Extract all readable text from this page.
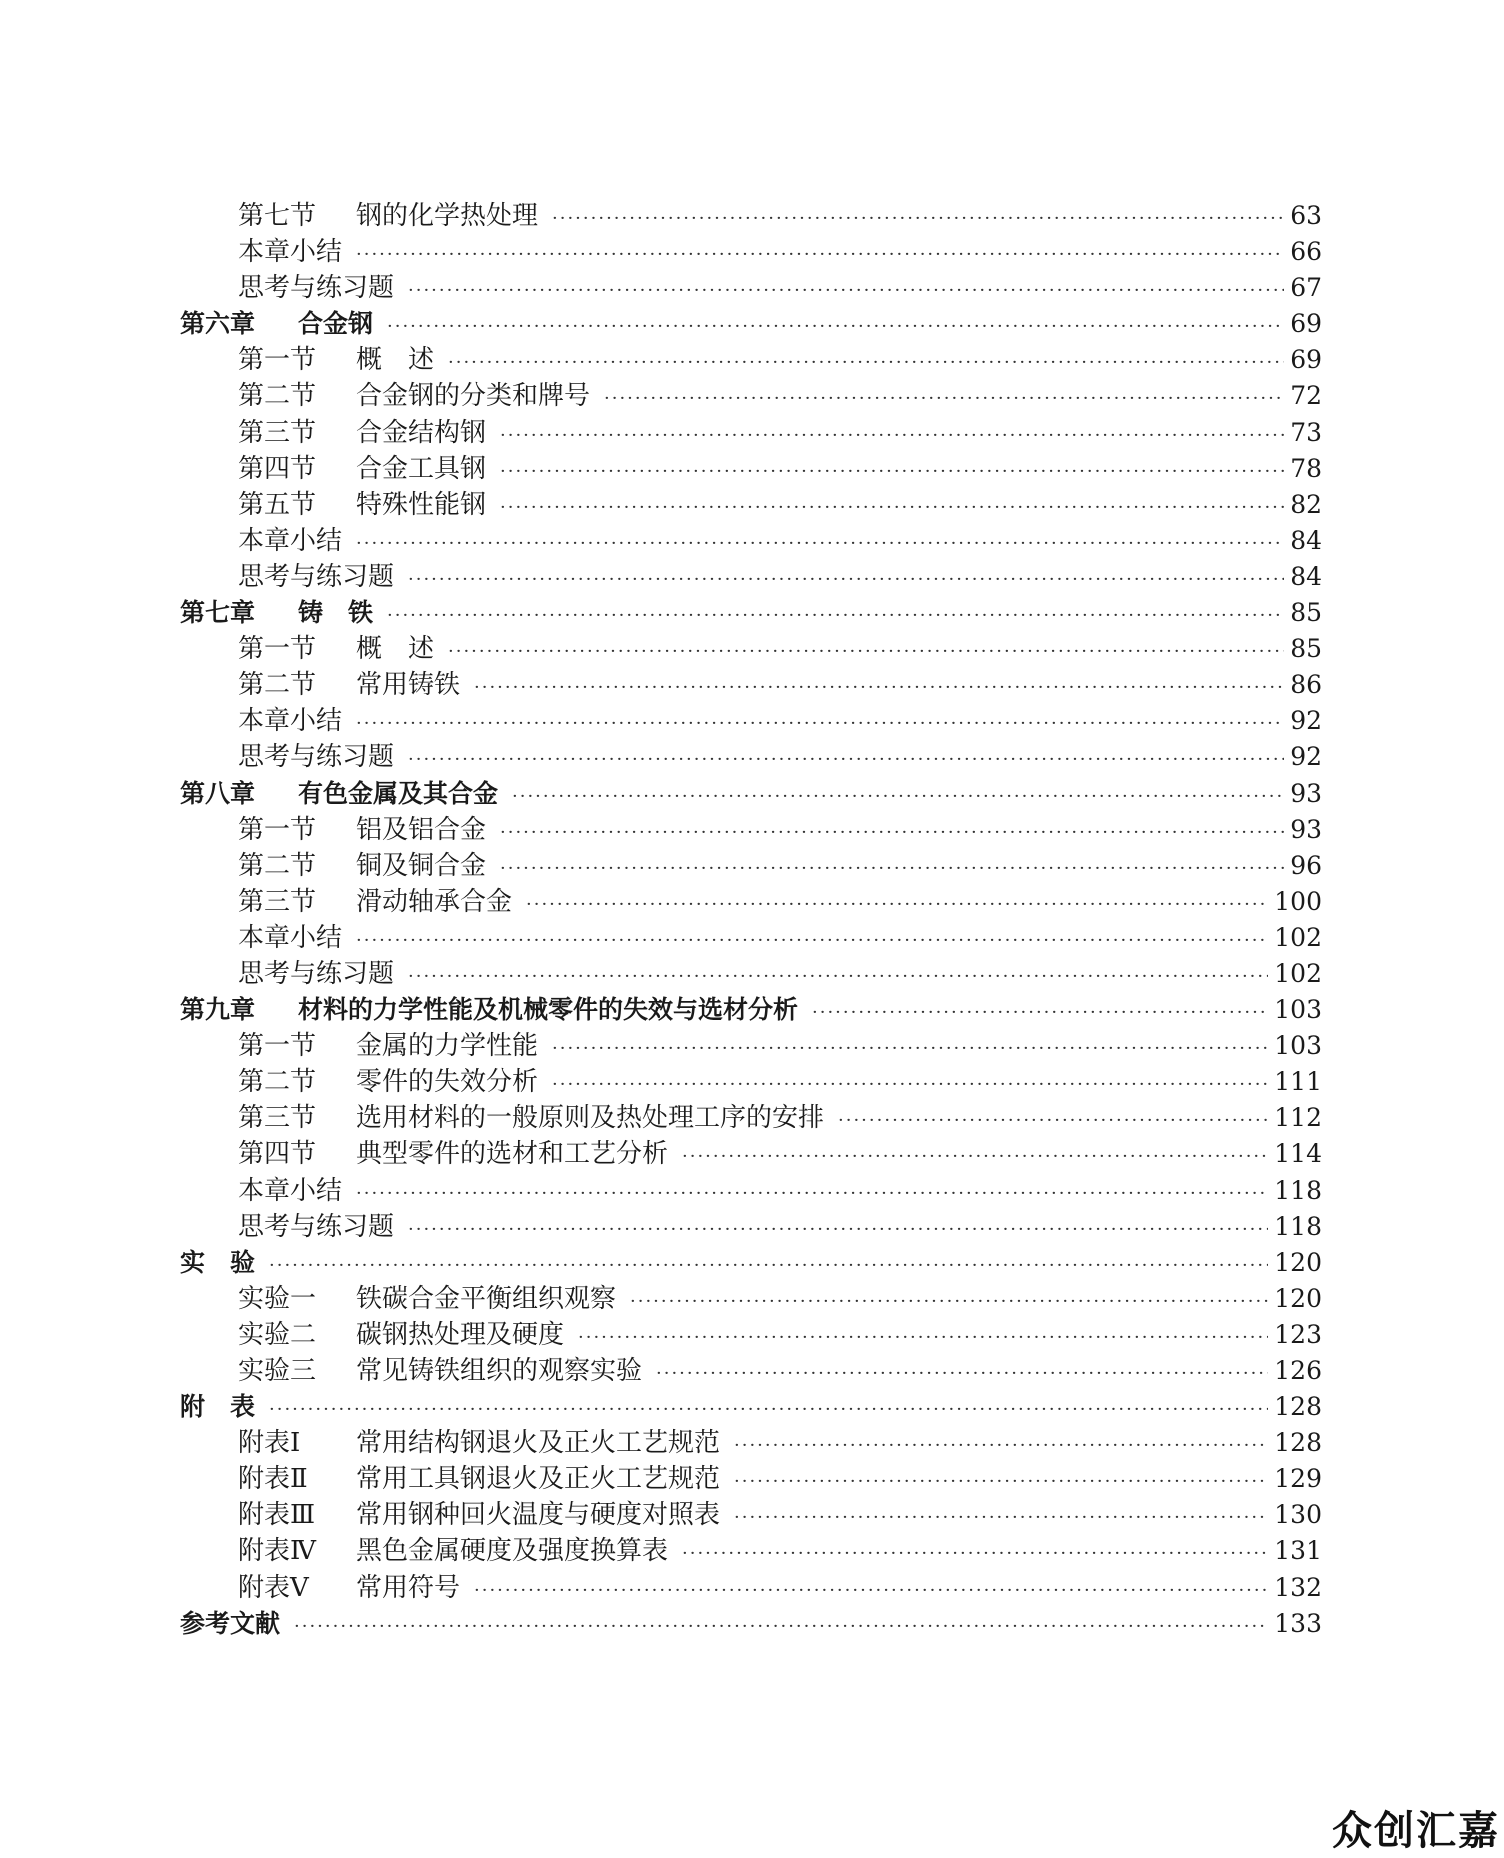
第七节	钢的化学热处理 ·····	63
本章小结 ·····	66
思考与练习题 ·····	67
第六章	合金钢 ·····	69
第一节	概　述 ·····	69
第二节	合金钢的分类和牌号 ·····	72
第三节	合金结构钢 ·····	73
第四节	合金工具钢 ·····	78
第五节	特殊性能钢 ·····	82
本章小结 ·····	84
思考与练习题 ·····	84
第七章	铸　铁 ·····	85
第一节	概　述 ·····	85
第二节	常用铸铁 ·····	86
本章小结 ·····	92
思考与练习题 ·····	92
第八章	有色金属及其合金 ·····	93
第一节	铝及铝合金 ·····	93
第二节	铜及铜合金 ·····	96
第三节	滑动轴承合金 ·····	100
本章小结 ·····	102
思考与练习题 ·····	102
第九章	材料的力学性能及机械零件的失效与选材分析 ·····	103
第一节	金属的力学性能 ·····	103
第二节	零件的失效分析 ·····	111
第三节	选用材料的一般原则及热处理工序的安排 ·····	112
第四节	典型零件的选材和工艺分析 ·····	114
本章小结 ·····	118
思考与练习题 ·····	118
实　验 ·····	120
实验一	铁碳合金平衡组织观察 ·····	120
实验二	碳钢热处理及硬度 ·····	123
实验三	常见铸铁组织的观察实验 ·····	126
附　表 ·····	128
附表Ⅰ	常用结构钢退火及正火工艺规范 ·····	128
附表Ⅱ	常用工具钢退火及正火工艺规范 ·····	129
附表Ⅲ	常用钢种回火温度与硬度对照表 ·····	130
附表Ⅳ	黑色金属硬度及强度换算表 ·····	131
附表Ⅴ	常用符号 ·····	132
参考文献 ·····	133
众创汇嘉
